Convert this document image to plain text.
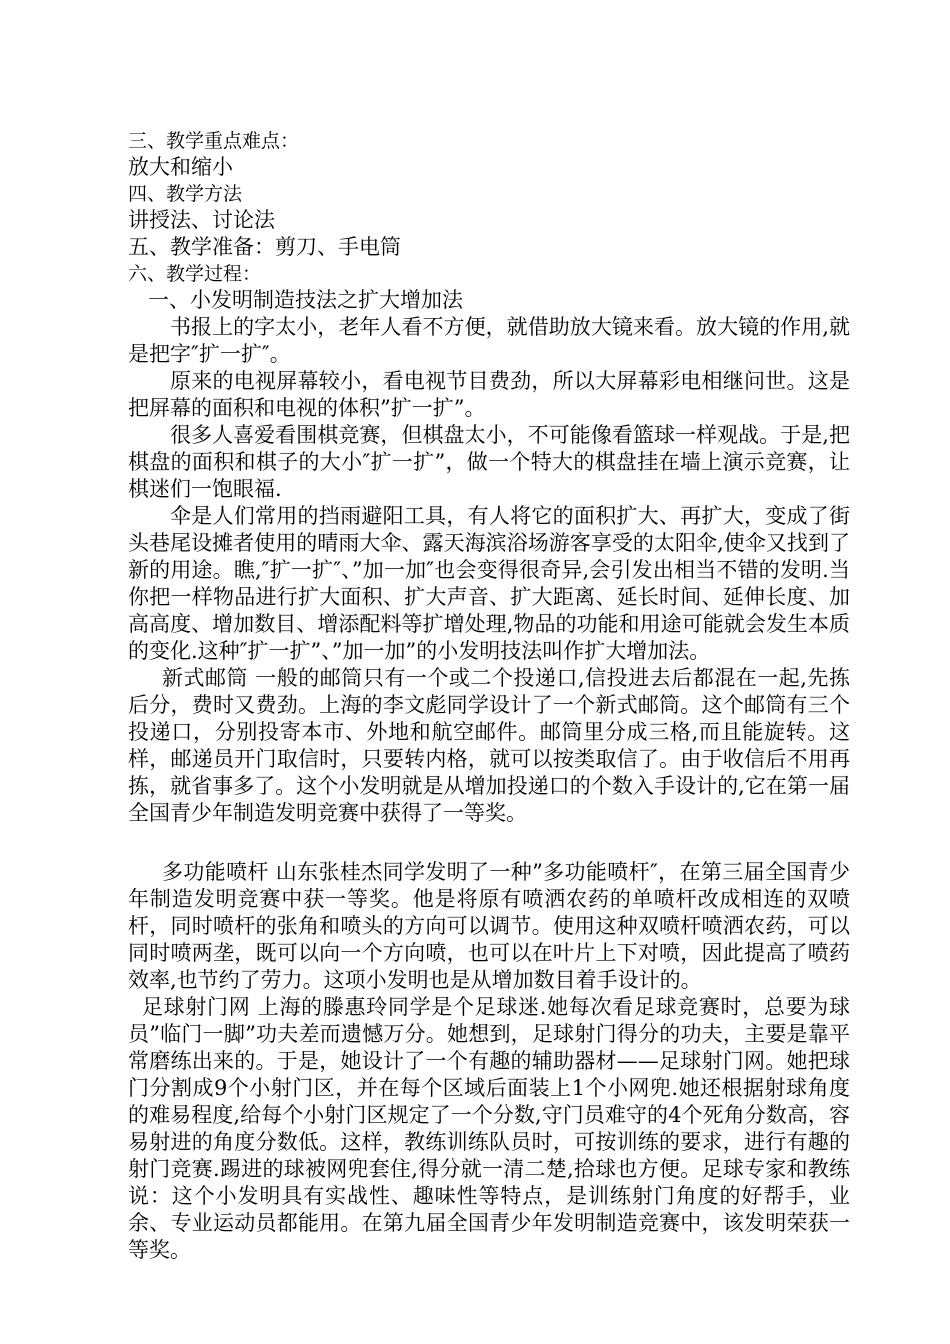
三、教学重点难点：

放大和缩小

四、教学方法

讲授法、讨论法

五、教学准备：剪刀、手电筒

六、教学过程：

一、小发明制造技法之扩大增加法

书报上的字太小，老年人看不方便，就借助放大镜来看。放大镜的作用,就是把字″扩一扩″。

原来的电视屏幕较小，看电视节目费劲，所以大屏幕彩电相继问世。这是把屏幕的面积和电视的体积”扩一扩”。

很多人喜爱看围棋竞赛，但棋盘太小，不可能像看篮球一样观战。于是,把棋盘的面积和棋子的大小″扩一扩”，做一个特大的棋盘挂在墙上演示竞赛，让棋迷们一饱眼福.

伞是人们常用的挡雨避阳工具，有人将它的面积扩大、再扩大，变成了街头巷尾设摊者使用的晴雨大伞、露天海滨浴场游客享受的太阳伞,使伞又找到了新的用途。瞧,″扩一扩″、”加一加″也会变得很奇异,会引发出相当不错的发明.当你把一样物品进行扩大面积、扩大声音、扩大距离、延长时间、延伸长度、加高高度、增加数目、增添配料等扩增处理,物品的功能和用途可能就会发生本质的变化.这种″扩一扩”、”加一加”的小发明技法叫作扩大增加法。

新式邮筒 一般的邮筒只有一个或二个投递口,信投进去后都混在一起,先拣后分，费时又费劲。上海的李文彪同学设计了一个新式邮筒。这个邮筒有三个投递口，分别投寄本市、外地和航空邮件。邮筒里分成三格,而且能旋转。这样，邮递员开门取信时，只要转内格，就可以按类取信了。由于收信后不用再拣，就省事多了。这个小发明就是从增加投递口的个数入手设计的,它在第一届全国青少年制造发明竞赛中获得了一等奖。

多功能喷杆 山东张桂杰同学发明了一种”多功能喷杆″，在第三届全国青少年制造发明竞赛中获一等奖。他是将原有喷洒农药的单喷杆改成相连的双喷杆，同时喷杆的张角和喷头的方向可以调节。使用这种双喷杆喷洒农药，可以同时喷两垄，既可以向一个方向喷，也可以在叶片上下对喷，因此提高了喷药效率,也节约了劳力。这项小发明也是从增加数目着手设计的。

足球射门网 上海的滕惠玲同学是个足球迷.她每次看足球竞赛时，总要为球员”临门一脚”功夫差而遗憾万分。她想到，足球射门得分的功夫，主要是靠平常磨练出来的。于是，她设计了一个有趣的辅助器材——足球射门网。她把球门分割成9个小射门区，并在每个区域后面装上1个小网兜.她还根据射球角度的难易程度,给每个小射门区规定了一个分数,守门员难守的4个死角分数高，容易射进的角度分数低。这样，教练训练队员时，可按训练的要求，进行有趣的射门竞赛.踢进的球被网兜套住,得分就一清二楚,拾球也方便。足球专家和教练说：这个小发明具有实战性、趣味性等特点，是训练射门角度的好帮手，业余、专业运动员都能用。在第九届全国青少年发明制造竞赛中，该发明荣获一等奖。
